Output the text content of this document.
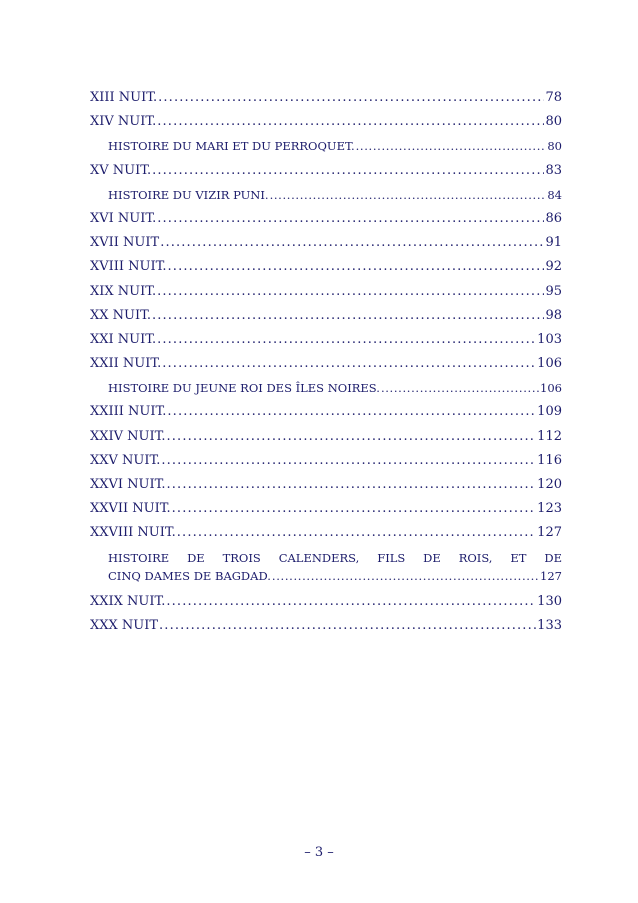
XIII NUIT. . . .	78
XIV NUIT. . . .	80
HISTOIRE DU MARI ET DU PERROQUET. . . .	80
XV NUIT. . . .	83
HISTOIRE DU VIZIR PUNI. . . .	84
XVI NUIT. . . .	86
XVII NUIT . . .	91
XVIII NUIT. . . .	92
XIX NUIT. . . .	95
XX NUIT. . . .	98
XXI NUIT. . . .	103
XXII NUIT. . . .	106
HISTOIRE DU JEUNE ROI DES ÎLES NOIRES. . . .	106
XXIII NUIT. . . .	109
XXIV NUIT. . . .	112
XXV NUIT. . . .	116
XXVI NUIT. . . .	120
XXVII NUIT. . . .	123
XXVIII NUIT. . . .	127
HISTOIRE DE TROIS CALENDERS, FILS DE ROIS, ET DE
CINQ DAMES DE BAGDAD. . . .	127
XXIX NUIT. . . .	130
XXX NUIT . . .	133
– 3 –
